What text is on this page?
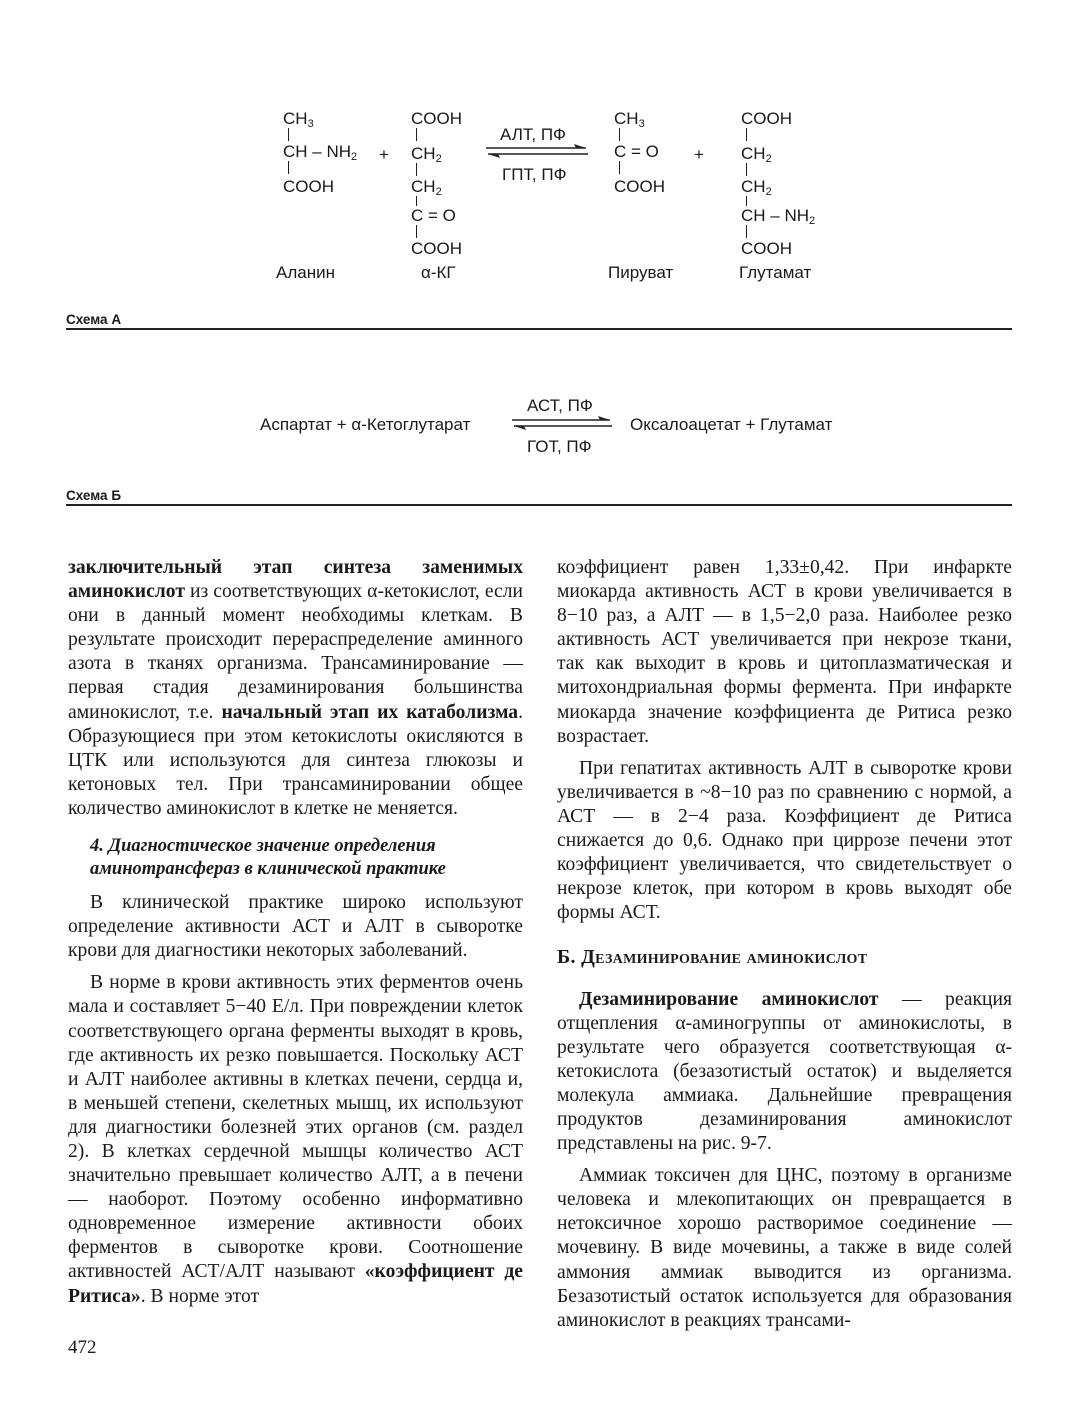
$CH_3$
CH – $NH_2$
COOH
Аланин
+
COOH
$CH_2$
$CH_2$
C = O
COOH
α-КГ
АЛТ, ПФ
ГПТ, ПФ
$CH_3$
C = O
COOH
Пируват
+
COOH
$CH_2$
$CH_2$
CH – $NH_2$
COOH
Глутамат
Схема А
АСТ, ПФ
Аспартат + α-Кетоглутарат	Оксалоацетат + Глутамат
ГОТ, ПФ
Схема Б

заключительный этап синтеза заменимых аминокислот из соответствующих α-кетокислот, если они в данный момент необходимы клеткам. В результате происходит перераспределение аминного азота в тканях организма. Трансаминирование — первая стадия дезаминирования большинства аминокислот, т.е. начальный этап их катаболизма. Образующиеся при этом кетокислоты окисляются в ЦТК или используются для синтеза глюкозы и кетоновых тел. При трансаминировании общее количество аминокислот в клетке не меняется.

4. Диагностическое значение определения аминотрансфераз в клинической практике

В клинической практике широко используют определение активности АСТ и АЛТ в сыворотке крови для диагностики некоторых заболеваний.

В норме в крови активность этих ферментов очень мала и составляет 5−40 Е/л. При повреждении клеток соответствующего органа ферменты выходят в кровь, где активность их резко повышается. Поскольку АСТ и АЛТ наиболее активны в клетках печени, сердца и, в меньшей степени, скелетных мышц, их используют для диагностики болезней этих органов (см. раздел 2). В клетках сердечной мышцы количество АСТ значительно превышает количество АЛТ, а в печени — наоборот. Поэтому особенно информативно одновременное измерение активности обоих ферментов в сыворотке крови. Соотношение активностей АСТ/АЛТ называют «коэффициент де Ритиса». В норме этот

коэффициент равен 1,33±0,42. При инфаркте миокарда активность АСТ в крови увеличивается в 8−10 раз, а АЛТ — в 1,5−2,0 раза. Наиболее резко активность АСТ увеличивается при некрозе ткани, так как выходит в кровь и цитоплазматическая и митохондриальная формы фермента. При инфаркте миокарда значение коэффициента де Ритиса резко возрастает.

При гепатитах активность АЛТ в сыворотке крови увеличивается в ~8−10 раз по сравнению с нормой, а АСТ — в 2−4 раза. Коэффициент де Ритиса снижается до 0,6. Однако при циррозе печени этот коэффициент увеличивается, что свидетельствует о некрозе клеток, при котором в кровь выходят обе формы АСТ.

Б. Дезаминирование аминокислот

Дезаминирование аминокислот — реакция отщепления α-аминогруппы от аминокислоты, в результате чего образуется соответствующая α-кетокислота (безазотистый остаток) и выделяется молекула аммиака. Дальнейшие превращения продуктов дезаминирования аминокислот представлены на рис. 9-7.

Аммиак токсичен для ЦНС, поэтому в организме человека и млекопитающих он превращается в нетоксичное хорошо растворимое соединение — мочевину. В виде мочевины, а также в виде солей аммония аммиак выводится из организма. Безазотистый остаток используется для образования аминокислот в реакциях трансами-

472
